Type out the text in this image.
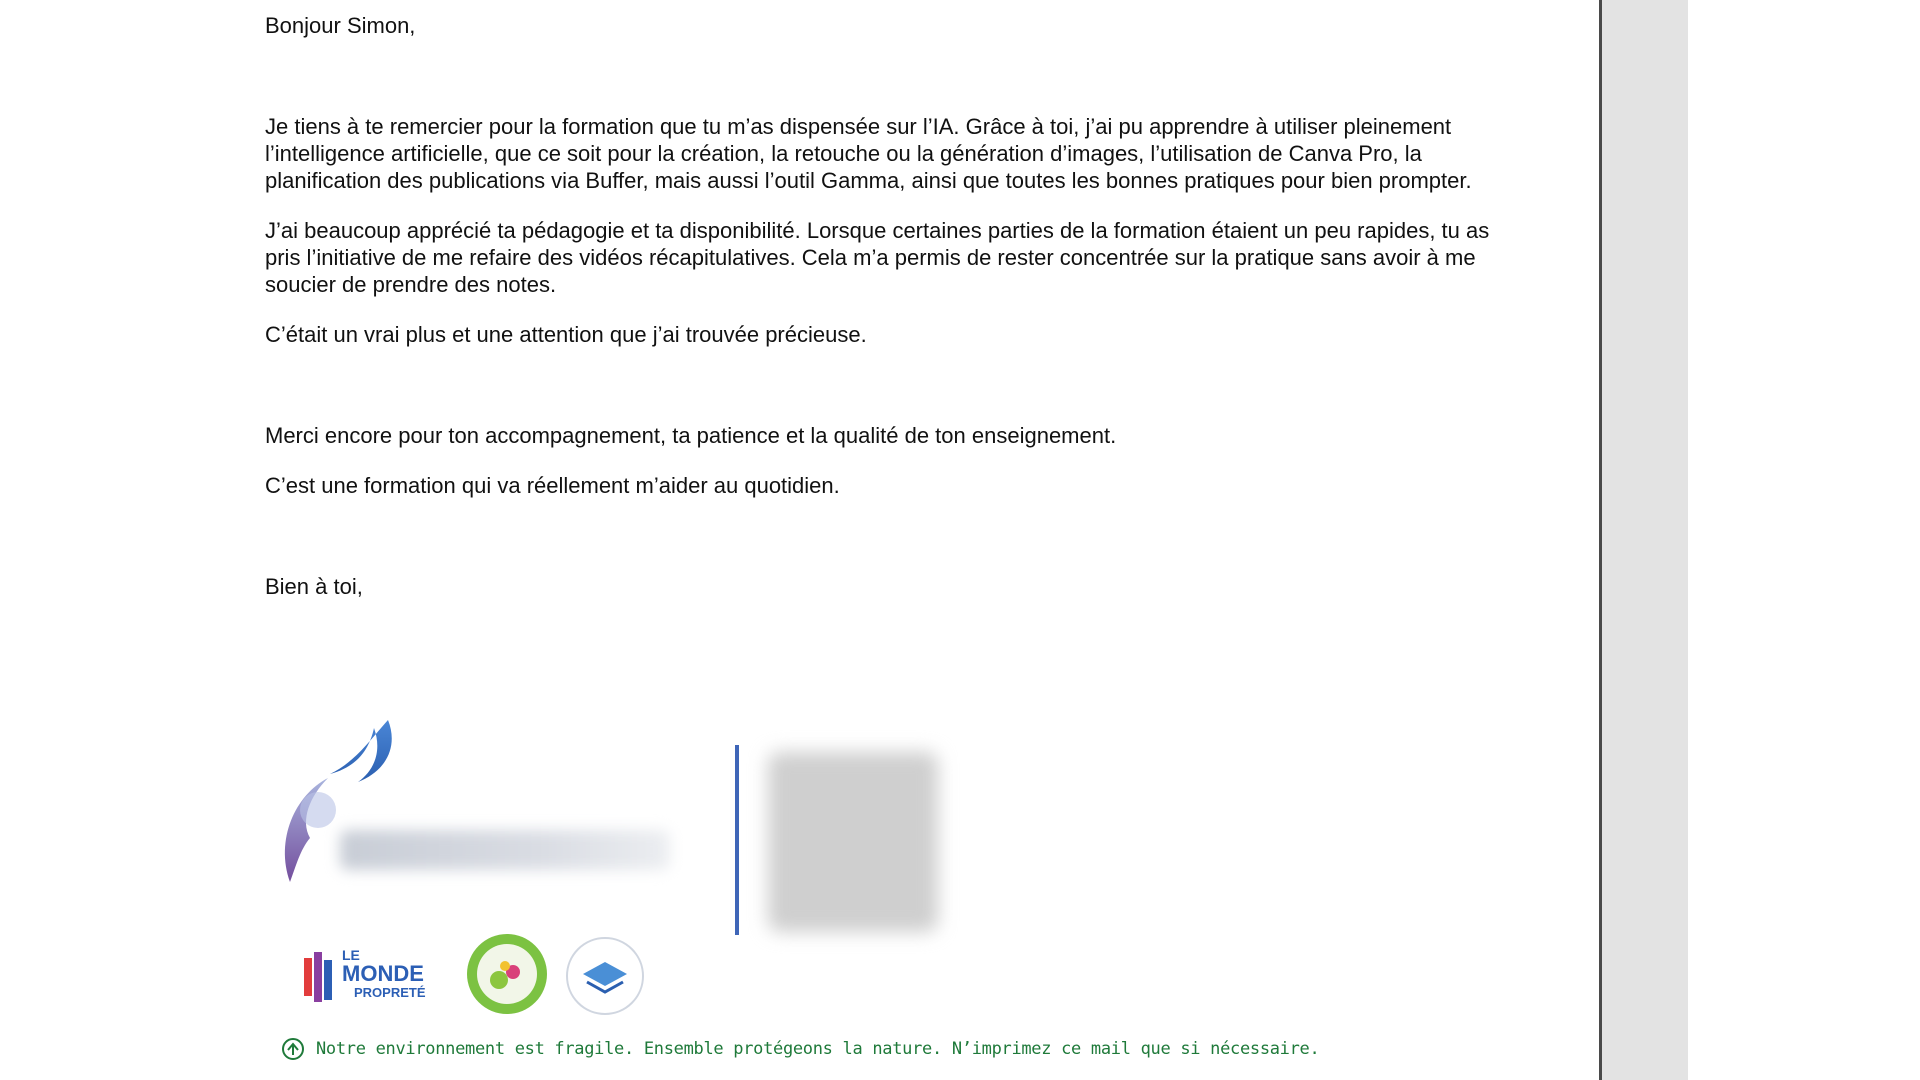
Bonjour Simon,

Je tiens à te remercier pour la formation que tu m’as dispensée sur l’IA. Grâce à toi, j’ai pu apprendre à utiliser pleinement l’intelligence artificielle, que ce soit pour la création, la retouche ou la génération d’images, l’utilisation de Canva Pro, la planification des publications via Buffer, mais aussi l’outil Gamma, ainsi que toutes les bonnes pratiques pour bien prompter.

J’ai beaucoup apprécié ta pédagogie et ta disponibilité. Lorsque certaines parties de la formation étaient un peu rapides, tu as pris l’initiative de me refaire des vidéos récapitulatives. Cela m’a permis de rester concentrée sur la pratique sans avoir à me soucier de prendre des notes.

C’était un vrai plus et une attention que j’ai trouvée précieuse.

Merci encore pour ton accompagnement, ta patience et la qualité de ton enseignement.

C’est une formation qui va réellement m’aider au quotidien.

Bien à toi,

LE
MONDE
PROPRETÉ
Notre environnement est fragile. Ensemble protégeons la nature. N’imprimez ce mail que si nécessaire.
